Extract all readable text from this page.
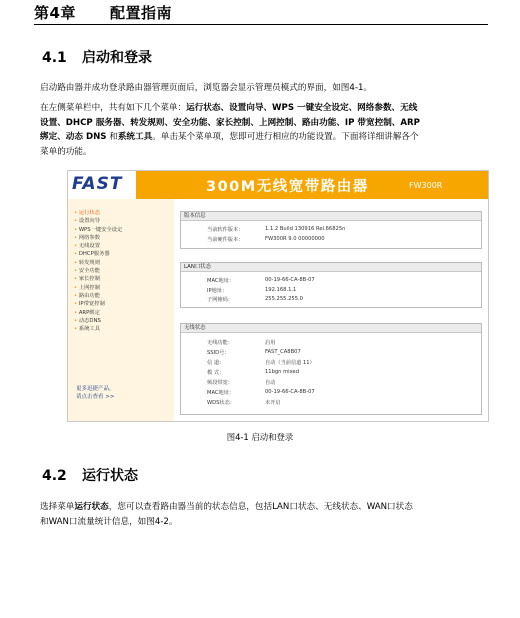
第4章 配置指南
4.1 启动和登录
启动路由器并成功登录路由器管理页面后，浏览器会显示管理员模式的界面，如图4-1。
在左侧菜单栏中，共有如下几个菜单：运行状态、设置向导、WPS 一键安全设定、网络参数、无线
设置、DHCP 服务器、转发规则、安全功能、家长控制、上网控制、路由功能、IP 带宽控制、ARP
绑定、动态 DNS 和系统工具。单击某个菜单项，您即可进行相应的功能设置。下面将详细讲解各个
菜单的功能。
FAST	300M无线宽带路由器	FW300R
• 运行状态
• 设置向导
• WPS一键安全设定
• 网络参数
• 无线设置
• DHCP服务器
• 转发规则
• 安全功能
• 家长控制
• 上网控制
• 路由功能
• IP带宽控制
• ARP绑定
• 动态DNS
• 系统工具
更多迅捷产品，
请点击查看 >>
版本信息
当前软件版本：	1.1.2 Build 130916 Rel.66825n
当前硬件版本：	FW300R 9.0 00000000
LAN口状态
MAC地址：	00-19-66-CA-8B-07
IP地址：	192.168.1.1
子网掩码：	255.255.255.0
无线状态
无线功能：	启用
SSID号：	FAST_CA8B07
信 道：	自动（当前信道 11）
模 式：	11bgn mixed
频段带宽：	自动
MAC地址：	00-19-66-CA-8B-07
WDS状态：	未开启
图4-1 启动和登录
4.2 运行状态
选择菜单运行状态，您可以查看路由器当前的状态信息，包括LAN口状态、无线状态、WAN口状态
和WAN口流量统计信息，如图4-2。
